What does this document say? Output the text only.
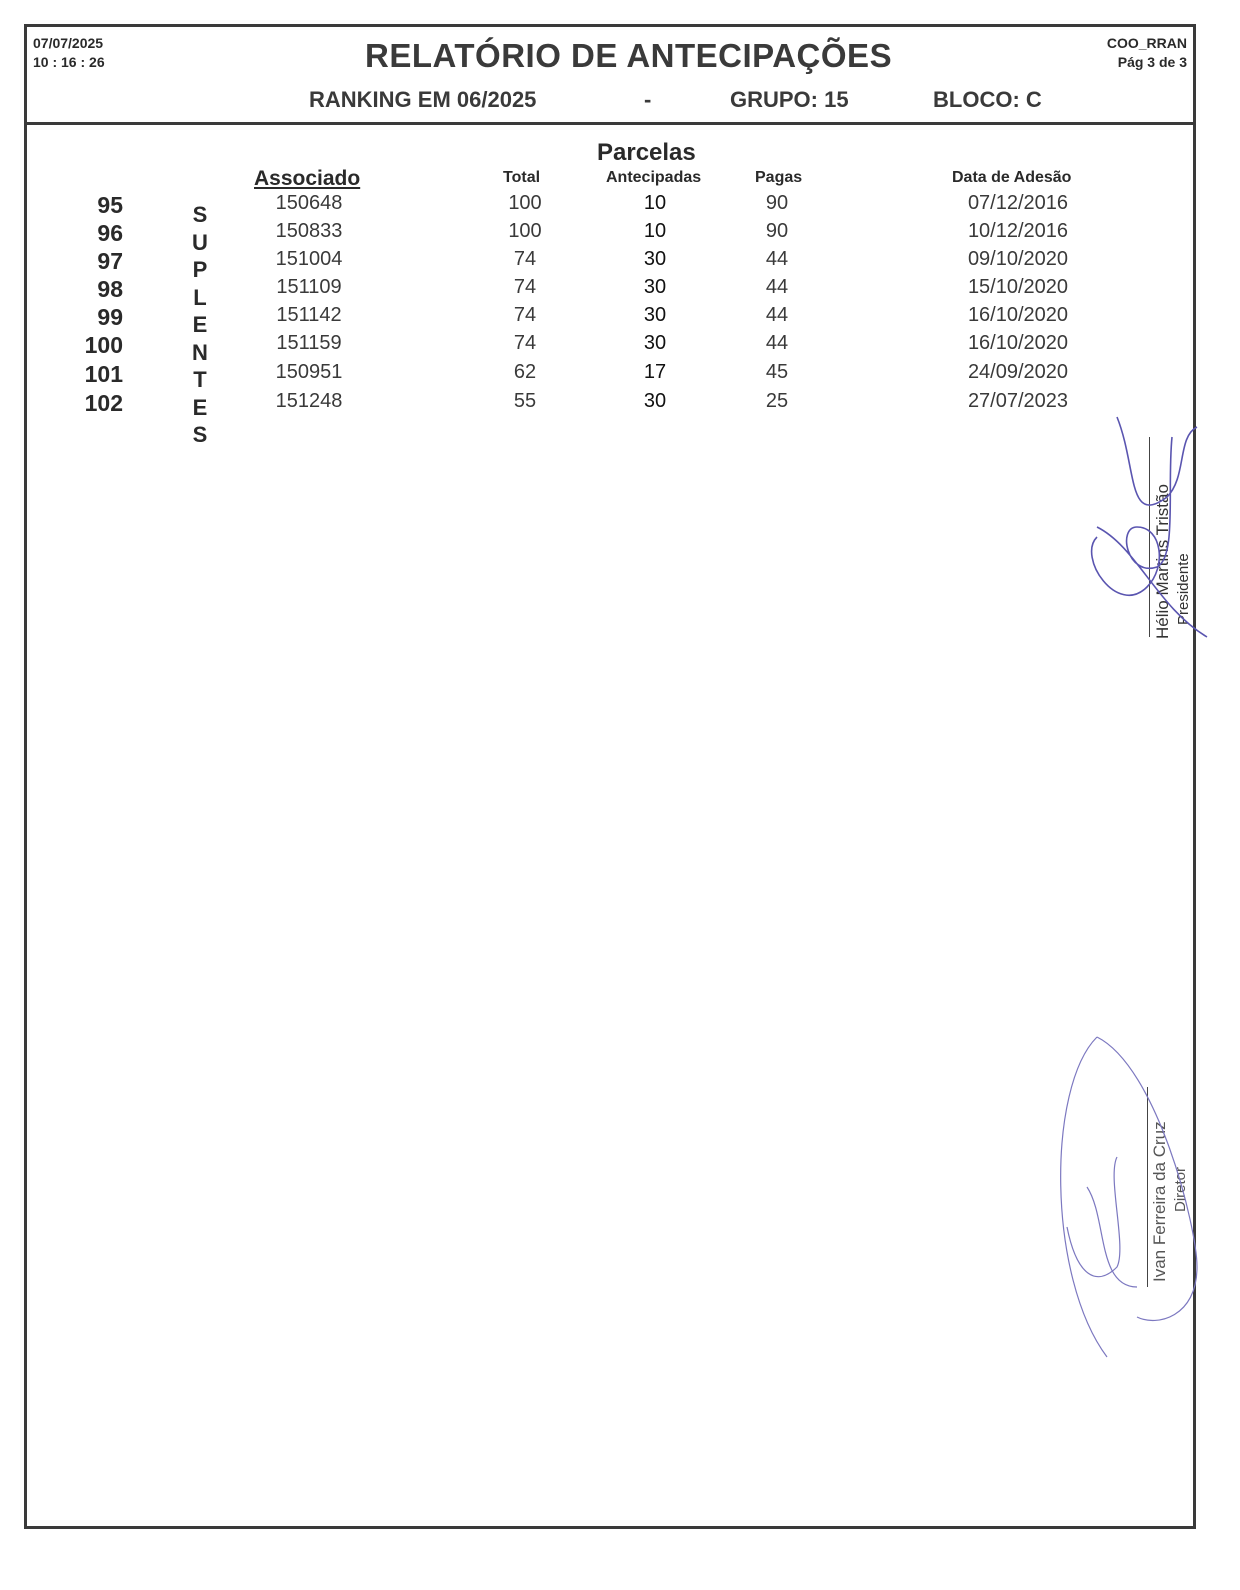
07/07/2025
10 : 16 : 26	RELATÓRIO DE ANTECIPAÇÕES	COO_RRAN
Pág 3 de 3
RANKING EM 06/2025	-	GRUPO: 15	BLOCO: C
Parcelas
Associado	Total	Antecipadas	Pagas	Data de Adesão
S
U
P
L
E
N
T
E
S
95	150648	100	10	90	07/12/2016
96	150833	100	10	90	10/12/2016
97	151004	74	30	44	09/10/2020
98	151109	74	30	44	15/10/2020
99	151142	74	30	44	16/10/2020
100	151159	74	30	44	16/10/2020
101	150951	62	17	45	24/09/2020
102	151248	55	30	25	27/07/2023
Hélio Martins Tristão Presidente
Ivan Ferreira da Cruz Diretor
